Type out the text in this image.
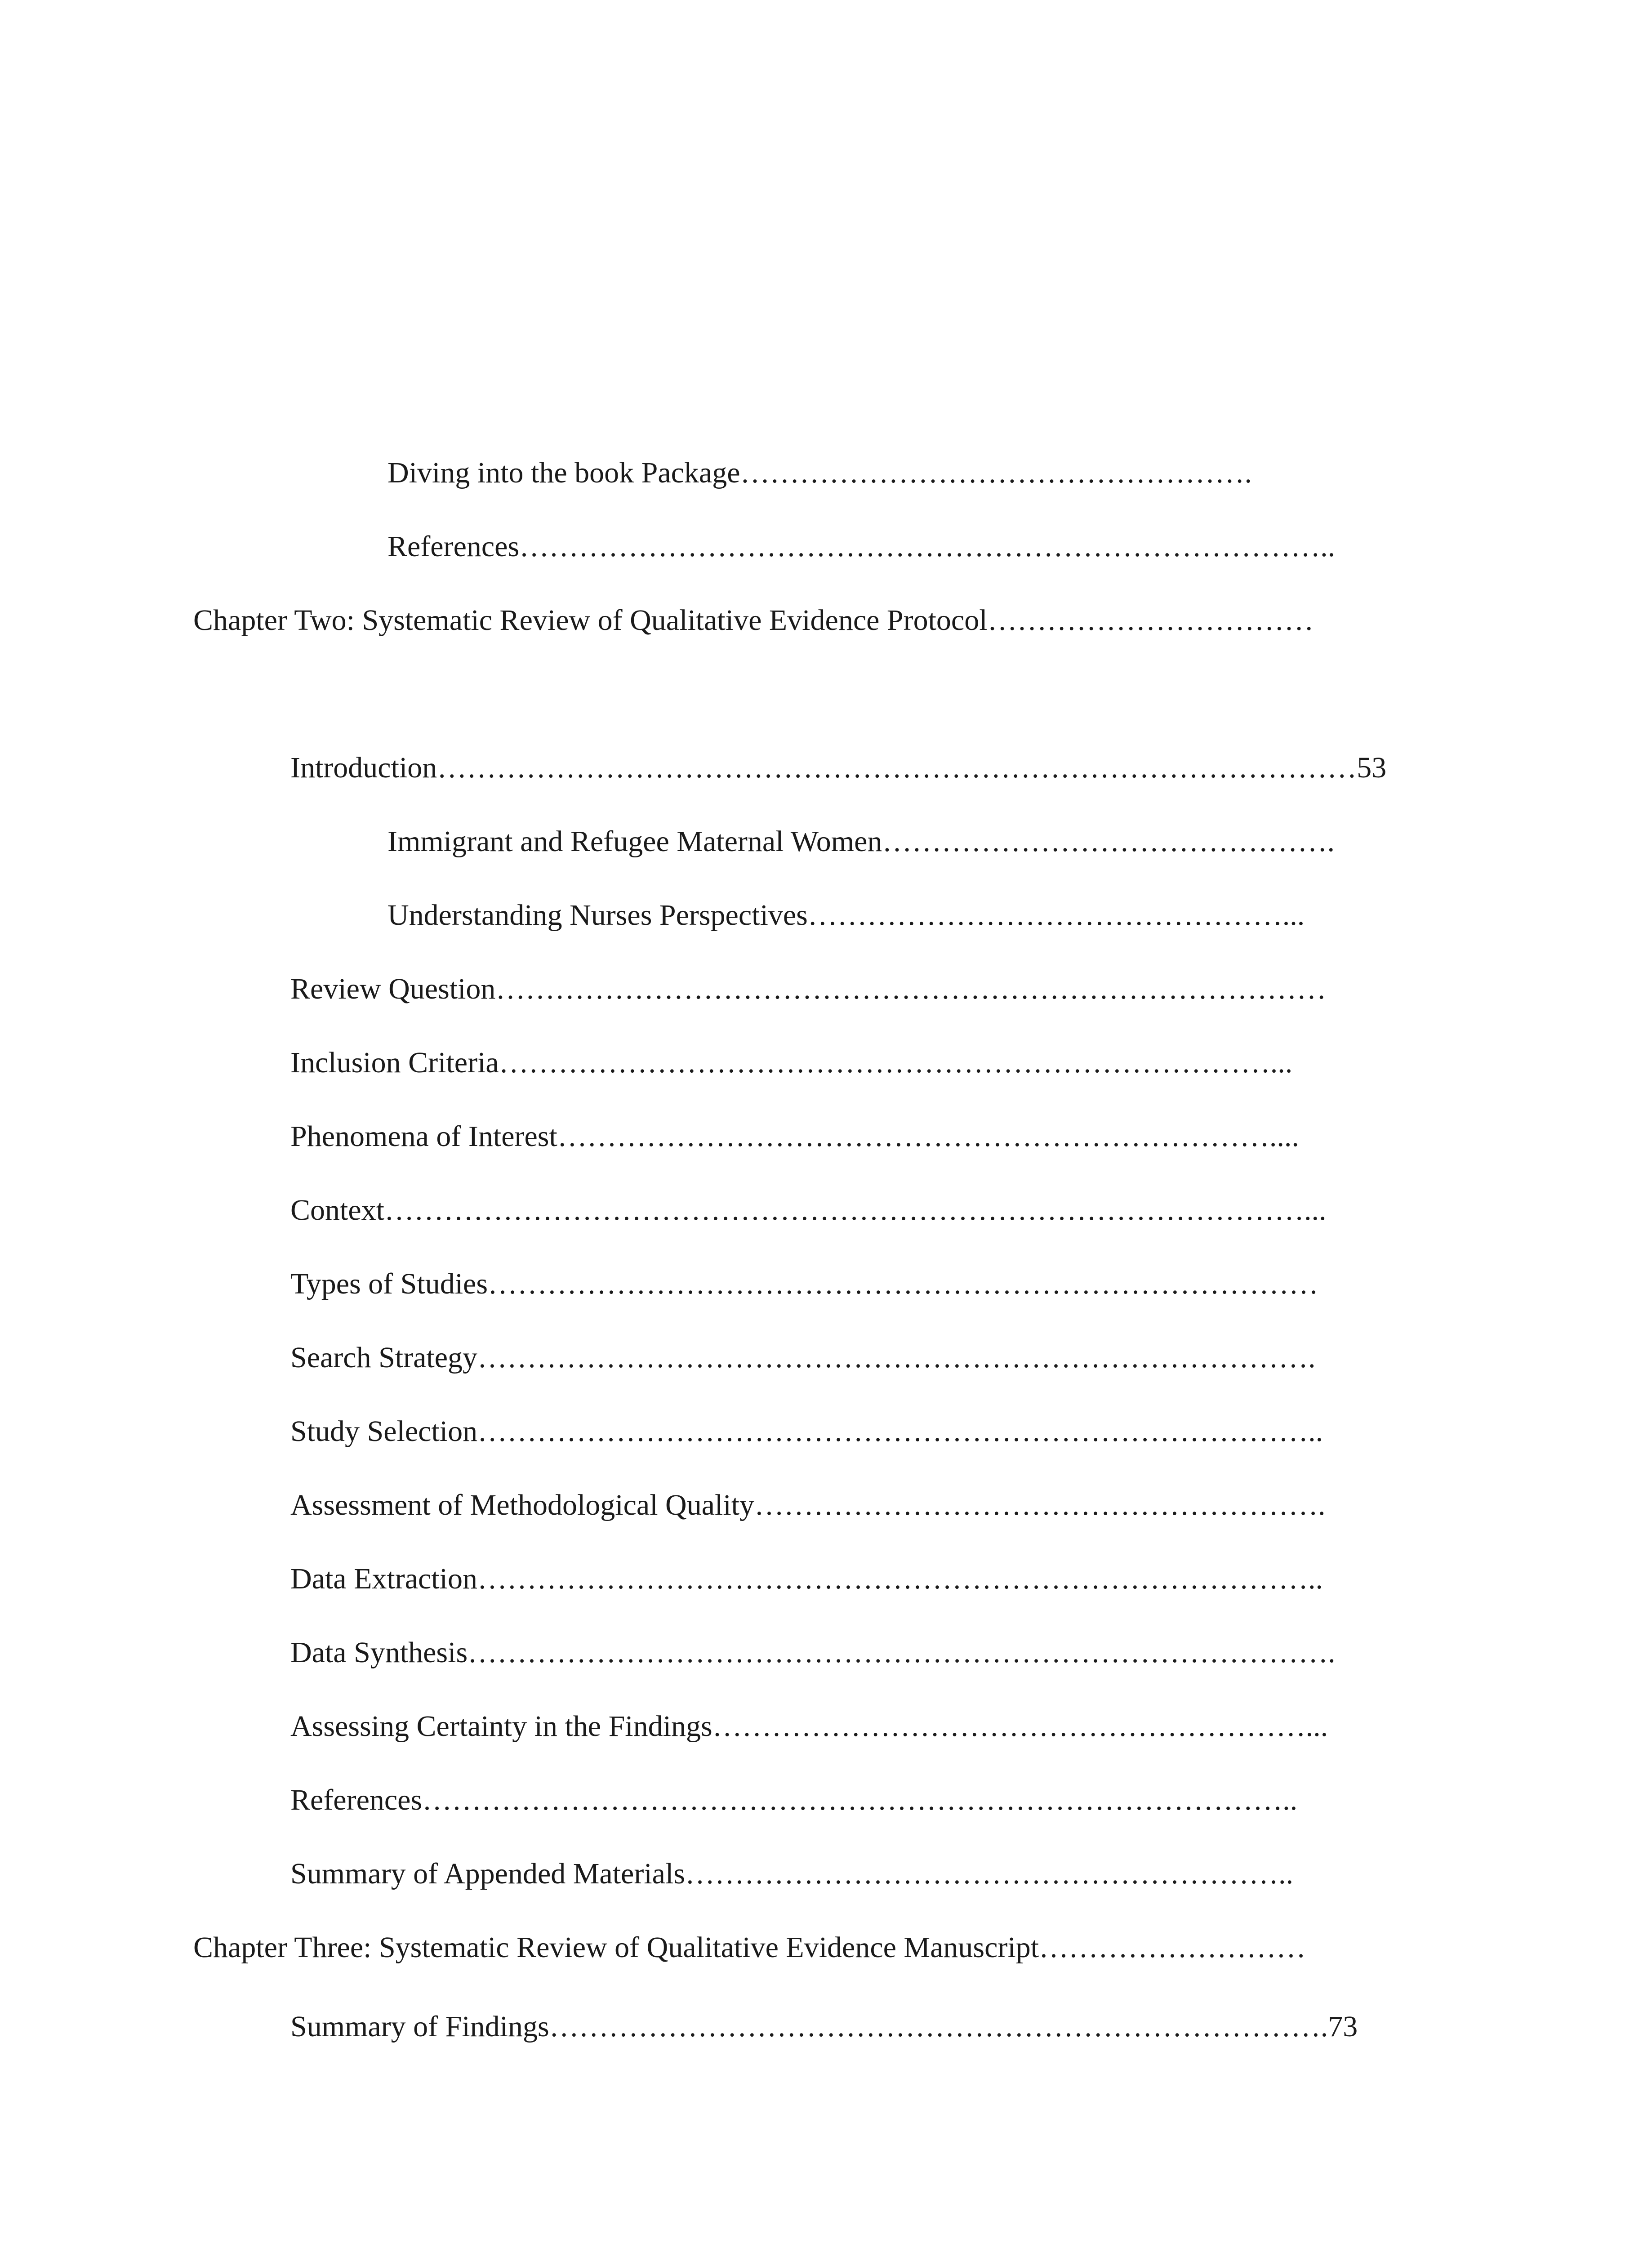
Diving into the book Package…………………………………………….
References………………………………………………………………………..
Chapter Two: Systematic Review of Qualitative Evidence Protocol……………………………
Introduction…………………………………………………………………………………53
Immigrant and Refugee Maternal Women……………………………………….
Understanding Nurses Perspectives…………………………………………...
Review Question…………………………………………………………………………
Inclusion Criteria……………………………………………………………………...
Phenomena of Interest………………………………………………………………....
Context…………………………………………………………………………………...
Types of Studies…………………………………………………………………………
Search Strategy………………………………………………………………………….
Study Selection…………………………………………………………………………..
Assessment of Methodological Quality………………………………………………….
Data Extraction…………………………………………………………………………..
Data Synthesis…………………………………………………………………………….
Assessing Certainty in the Findings……………………………………………………...
References……………………………………………………………………………..
Summary of Appended Materials……………………………………………………..
Chapter Three: Systematic Review of Qualitative Evidence Manuscript………………………
Summary of Findings…………………………………………………………………….73
